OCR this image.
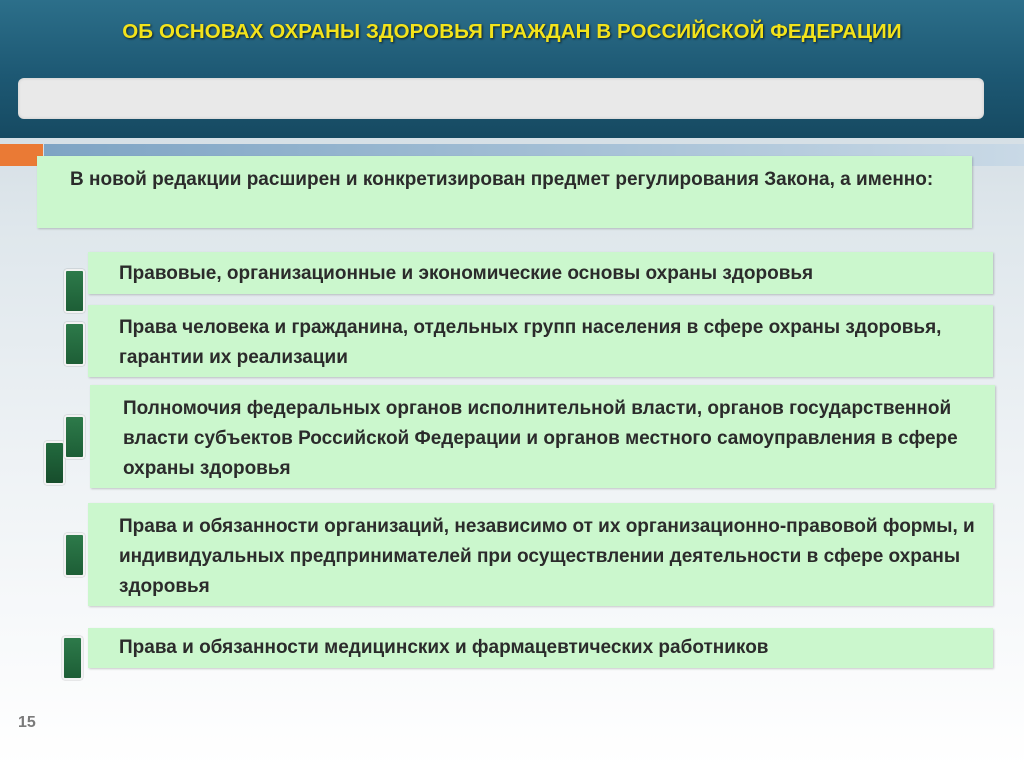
ОБ ОСНОВАХ ОХРАНЫ ЗДОРОВЬЯ ГРАЖДАН В РОССИЙСКОЙ ФЕДЕРАЦИИ
В новой редакции расширен и конкретизирован предмет регулирования Закона, а именно:
Правовые, организационные и экономические основы охраны здоровья
Права человека и гражданина, отдельных групп населения в сфере охраны здоровья, гарантии их реализации
Полномочия федеральных органов исполнительной власти, органов государственной власти субъектов Российской Федерации и органов местного самоуправления в сфере охраны здоровья
Права и обязанности организаций, независимо от их организационно-правовой формы, и индивидуальных предпринимателей при осуществлении деятельности в сфере охраны здоровья
Права и обязанности медицинских и фармацевтических работников
15
